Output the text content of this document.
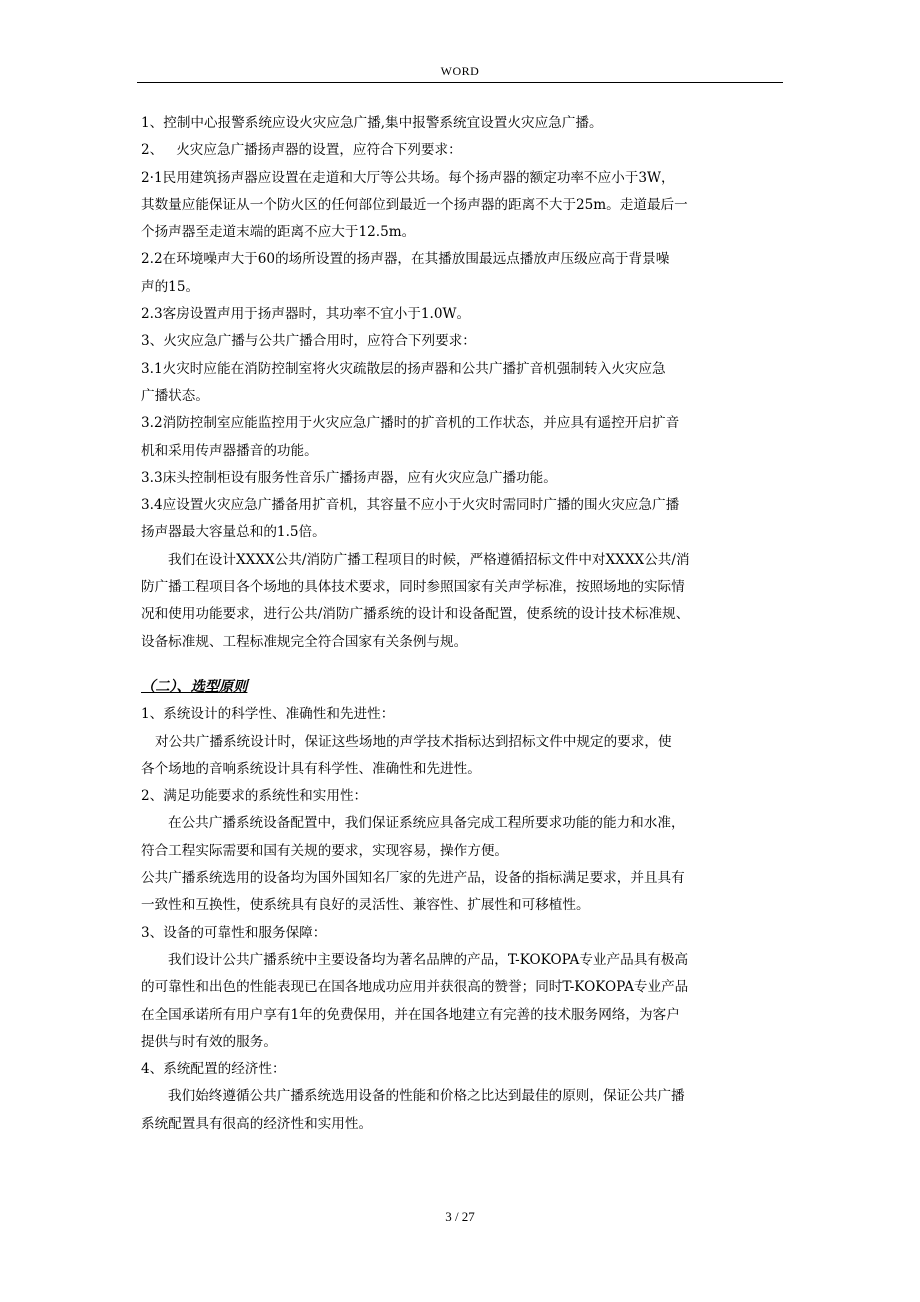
WORD
1、控制中心报警系统应设火灾应急广播,集中报警系统宜设置火灾应急广播。
2、   火灾应急广播扬声器的设置，应符合下列要求：
2·1民用建筑扬声器应设置在走道和大厅等公共场。每个扬声器的额定功率不应小于3W，
其数量应能保证从一个防火区的任何部位到最近一个扬声器的距离不大于25m。走道最后一
个扬声器至走道末端的距离不应大于12.5m。
2.2在环境噪声大于60的场所设置的扬声器，在其播放围最远点播放声压级应高于背景噪
声的15。
2.3客房设置声用于扬声器时，其功率不宜小于1.0W。
3、火灾应急广播与公共广播合用时，应符合下列要求：
3.1火灾时应能在消防控制室将火灾疏散层的扬声器和公共广播扩音机强制转入火灾应急
广播状态。
3.2消防控制室应能监控用于火灾应急广播时的扩音机的工作状态，并应具有遥控开启扩音
机和采用传声器播音的功能。
3.3床头控制柜设有服务性音乐广播扬声器，应有火灾应急广播功能。
3.4应设置火灾应急广播备用扩音机，其容量不应小于火灾时需同时广播的围火灾应急广播
扬声器最大容量总和的1.5倍。
我们在设计XXXX公共/消防广播工程项目的时候，严格遵循招标文件中对XXXX公共/消
防广播工程项目各个场地的具体技术要求，同时参照国家有关声学标准，按照场地的实际情
况和使用功能要求，进行公共/消防广播系统的设计和设备配置，使系统的设计技术标准规、
设备标准规、工程标准规完全符合国家有关条例与规。
（二）、选型原则
1、系统设计的科学性、准确性和先进性：
对公共广播系统设计时，保证这些场地的声学技术指标达到招标文件中规定的要求，使
各个场地的音响系统设计具有科学性、准确性和先进性。
2、满足功能要求的系统性和实用性：
在公共广播系统设备配置中，我们保证系统应具备完成工程所要求功能的能力和水准，
符合工程实际需要和国有关规的要求，实现容易，操作方便。
公共广播系统选用的设备均为国外国知名厂家的先进产品，设备的指标满足要求，并且具有
一致性和互换性，使系统具有良好的灵活性、兼容性、扩展性和可移植性。
3、设备的可靠性和服务保障：
我们设计公共广播系统中主要设备均为著名品牌的产品，T-KOKOPA专业产品具有极高
的可靠性和出色的性能表现已在国各地成功应用并获很高的赞誉；同时T-KOKOPA专业产品
在全国承诺所有用户享有1年的免费保用，并在国各地建立有完善的技术服务网络，为客户
提供与时有效的服务。
4、系统配置的经济性：
我们始终遵循公共广播系统选用设备的性能和价格之比达到最佳的原则，保证公共广播
系统配置具有很高的经济性和实用性。
3 / 27
